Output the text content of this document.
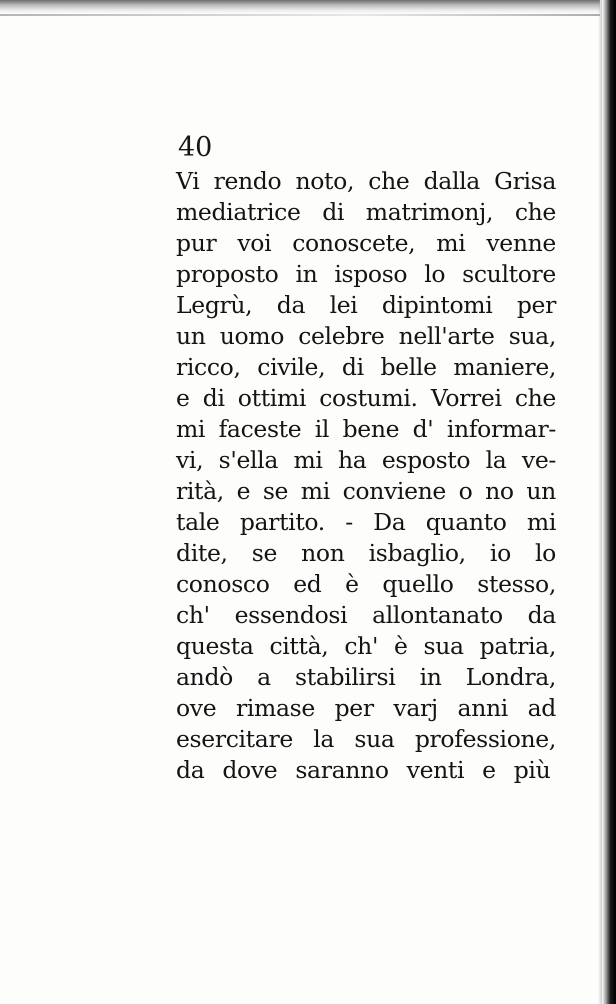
40

Vi rendo noto, che dalla Grisa
mediatrice di matrimonj, che
pur voi conoscete, mi venne
proposto in isposo lo scultore
Legrù, da lei dipintomi per
un uomo celebre nell'arte sua,
ricco, civile, di belle maniere,
e di ottimi costumi. Vorrei che
mi faceste il bene d' informar-
vi, s'ella mi ha esposto la ve-
rità, e se mi conviene o no un
tale partito. - Da quanto mi
dite, se non isbaglio, io lo
conosco ed è quello stesso,
ch' essendosi allontanato da
questa città, ch' è sua patria,
andò a stabilirsi in Londra,
ove rimase per varj anni ad
esercitare la sua professione,
da dove saranno venti e più
